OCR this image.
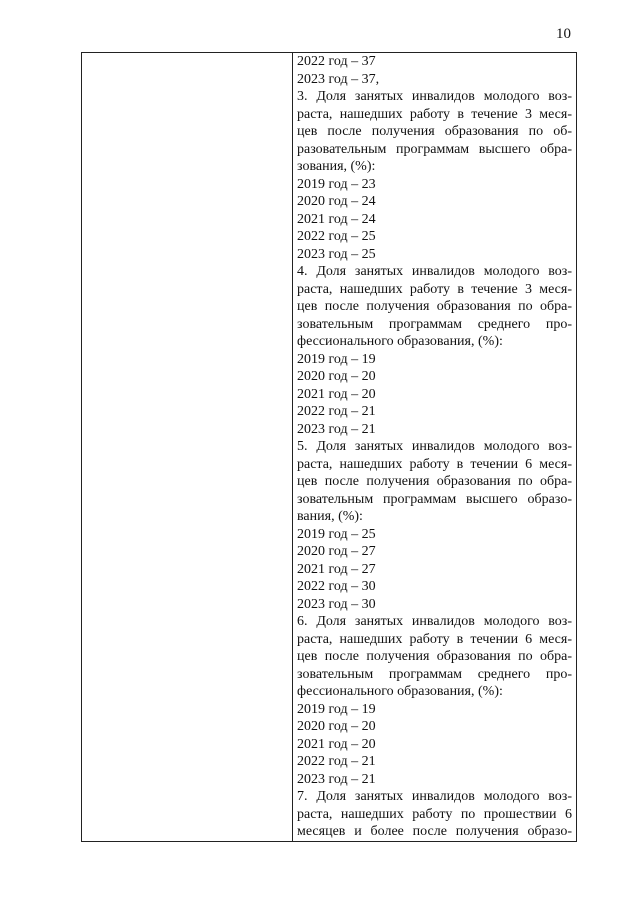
10
2022 год – 37
2023 год – 37,
3. Доля занятых инвалидов молодого воз-
раста, нашедших работу в течение 3 меся-
цев после получения образования по об-
разовательным программам высшего обра-
зования, (%):
2019 год – 23
2020 год – 24
2021 год – 24
2022 год – 25
2023 год – 25
4. Доля занятых инвалидов молодого воз-
раста, нашедших работу в течение 3 меся-
цев после получения образования по обра-
зовательным программам среднего про-
фессионального образования, (%):
2019 год – 19
2020 год – 20
2021 год – 20
2022 год – 21
2023 год – 21
5. Доля занятых инвалидов молодого воз-
раста, нашедших работу в течении 6 меся-
цев после получения образования по обра-
зовательным программам высшего образо-
вания, (%):
2019 год – 25
2020 год – 27
2021 год – 27
2022 год – 30
2023 год – 30
6. Доля занятых инвалидов молодого воз-
раста, нашедших работу в течении 6 меся-
цев после получения образования по обра-
зовательным программам среднего про-
фессионального образования, (%):
2019 год – 19
2020 год – 20
2021 год – 20
2022 год – 21
2023 год – 21
7. Доля занятых инвалидов молодого воз-
раста, нашедших работу по прошествии 6
месяцев и более после получения образо-
